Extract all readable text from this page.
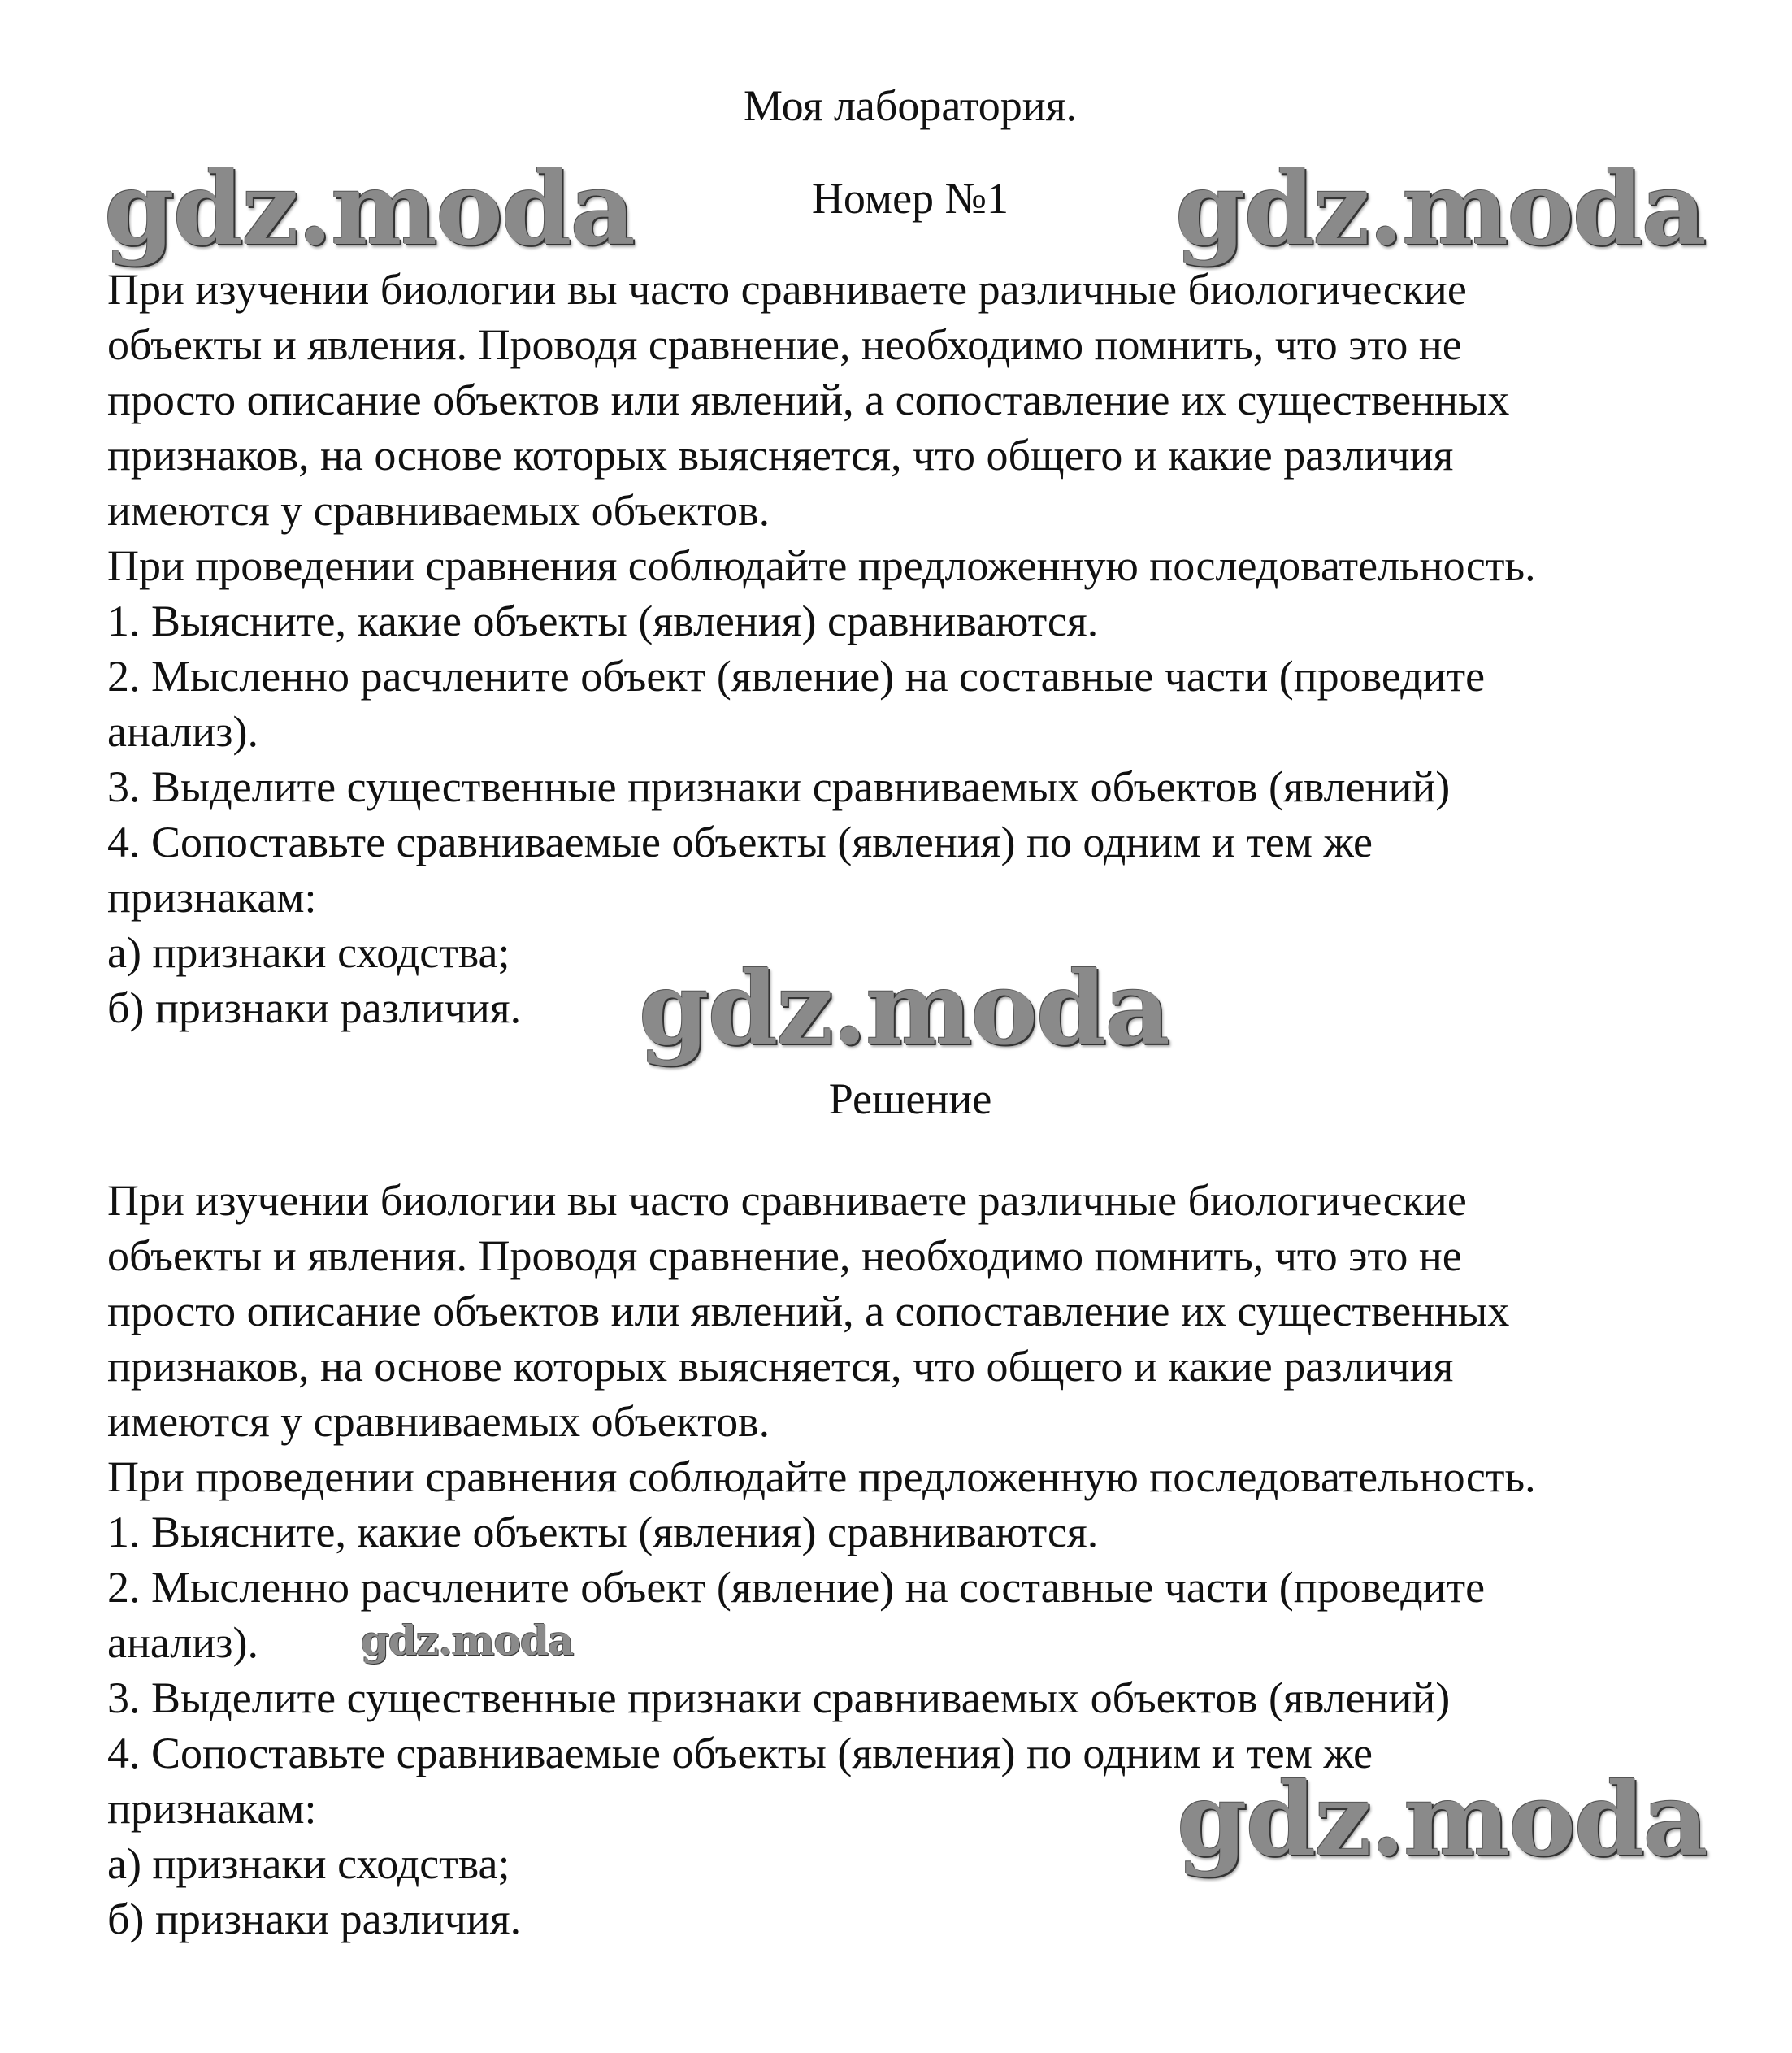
Моя лаборатория.
Номер №1
При изучении биологии вы часто сравниваете различные биологические
объекты и явления. Проводя сравнение, необходимо помнить, что это не
просто описание объектов или явлений, а сопоставление их существенных
признаков, на основе которых выясняется, что общего и какие различия
имеются у сравниваемых объектов.
При проведении сравнения соблюдайте предложенную последовательность.
1. Выясните, какие объекты (явления) сравниваются.
2. Мысленно расчлените объект (явление) на составные части (проведите
анализ).
3. Выделите существенные признаки сравниваемых объектов (явлений)
4. Сопоставьте сравниваемые объекты (явления) по одним и тем же
признакам:
а) признаки сходства;
б) признаки различия.
Решение
При изучении биологии вы часто сравниваете различные биологические
объекты и явления. Проводя сравнение, необходимо помнить, что это не
просто описание объектов или явлений, а сопоставление их существенных
признаков, на основе которых выясняется, что общего и какие различия
имеются у сравниваемых объектов.
При проведении сравнения соблюдайте предложенную последовательность.
1. Выясните, какие объекты (явления) сравниваются.
2. Мысленно расчлените объект (явление) на составные части (проведите
анализ).
3. Выделите существенные признаки сравниваемых объектов (явлений)
4. Сопоставьте сравниваемые объекты (явления) по одним и тем же
признакам:
а) признаки сходства;
б) признаки различия.
gdz.moda	gdz.moda
gdz.moda
gdz.moda
gdz.moda
